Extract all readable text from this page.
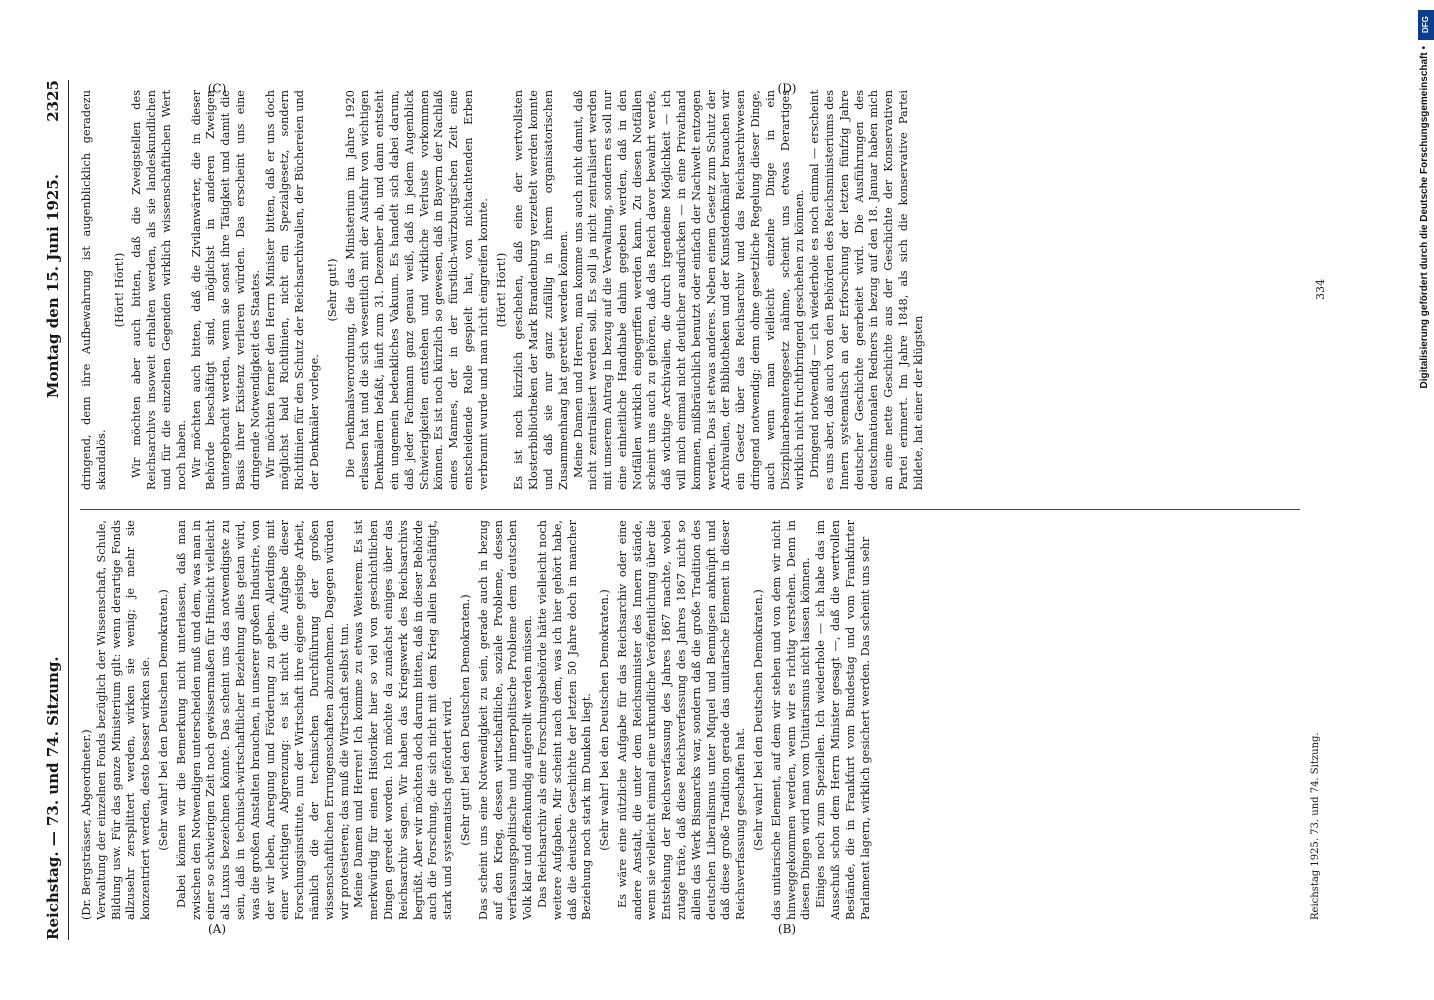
Reichstag. — 73. und 74. Sitzung.
Montag den 15. Juni 1925.          2325

(Dr. Bergsträsser, Abgeordneter.) Verwaltung der einzelnen Fonds bezüglich der Wissenschaft, Schule, Bildung usw. Für das ganze Ministerium gilt: wenn derartige Fonds allzusehr zersplittert werden, wirken sie wenig; je mehr sie konzentriert werden, desto besser wirken sie. (Sehr wahr! bei den Deutschen Demokraten.) Dabei können wir die Bemerkung nicht unterlassen, daß man zwischen den Notwendigen unterscheiden muß und dem, was man in einer so schwierigen Zeit noch gewissermaßen für Hinsicht vielleicht als Luxus bezeichnen könnte. Das scheint uns das notwendigste zu sein, daß in technisch-wirtschaftlicher Beziehung alles getan wird, was die großen Anstalten brauchen, in unserer großen Industrie, von der wir leben, Anregung und Förderung zu geben. Allerdings mit einer wichtigen Abgrenzung: es ist nicht die Aufgabe dieser Forschungsinstitute, nun der Wirtschaft ihre eigene geistige Arbeit, nämlich die der technischen Durchführung der großen wissenschaftlichen Errungenschaften abzunehmen. Dagegen würden wir protestieren; das muß die Wirtschaft selbst tun. Meine Damen und Herren! Ich komme zu etwas Weiterem. Es ist merkwürdig für einen Historiker hier so viel von geschichtlichen Dingen geredet worden. Ich möchte da zunächst einiges über das Reichsarchiv sagen. Wir haben das Kriegswerk des Reichsarchivs begrüßt. Aber wir möchten doch darum bitten, daß in dieser Behörde auch die Forschung, die sich nicht mit dem Krieg allein beschäftigt, stark und systematisch gefördert wird. (Sehr gut! bei den Deutschen Demokraten.) Das scheint uns eine Notwendigkeit zu sein, gerade auch in bezug auf den Krieg, dessen wirtschaftliche, soziale Probleme, dessen verfassungspolitische und innerpolitische Probleme dem deutschen Volk klar und offenkundig aufgerollt werden müssen. Das Reichsarchiv als eine Forschungsbehörde hätte vielleicht noch weitere Aufgaben. Mir scheint nach dem, was ich hier gehört habe, daß die deutsche Geschichte der letzten 50 Jahre doch in mancher Beziehung noch stark im Dunkeln liegt. (Sehr wahr! bei den Deutschen Demokraten.) Es wäre eine nützliche Aufgabe für das Reichsarchiv oder eine andere Anstalt, die unter dem Reichsminister des Innern stände, wenn sie vielleicht einmal eine urkundliche Veröffentlichung über die Entstehung der Reichsverfassung des Jahres 1867 machte, wobei zutage träte, daß diese Reichsverfassung des Jahres 1867 nicht so allein das Werk Bismarcks war, sondern daß die große Tradition des deutschen Liberalismus unter Miquel und Bennigsen anknüpft und daß diese große Tradition gerade das unitarische Element in dieser Reichsverfassung geschaffen hat. (Sehr wahr! bei den Deutschen Demokraten.) das unitarische Element, auf dem wir stehen und von dem wir nicht hinweggekommen werden, wenn wir es richtig verstehen. Denn in diesen Dingen wird man vom Unitarismus nicht lassen können. Einiges noch zum Speziellen. Ich wiederhole — ich habe das im Ausschuß schon dem Herrn Minister gesagt —, daß die wertvollen Bestände, die in Frankfurt vom Bundestag und vom Frankfurter Parlament lagern, wirklich gesichert werden. Das scheint uns sehr

dringend, denn ihre Aufbewahrung ist augenblicklich geradezu skandalös.

(Hört! Hört!) Wir möchten aber auch bitten, daß die Zweigstellen des Reichsarchivs insoweit erhalten werden, als sie landeskundlichen und für die einzelnen Gegenden wirklich wissenschaftlichen Wert noch haben. Wir möchten auch bitten, daß die Zivilanwärter, die in dieser Behörde beschäftigt sind, möglichst in anderen Zweigen untergebracht werden, wenn sie sonst ihre Tätigkeit und damit die Basis ihrer Existenz verlieren würden. Das erscheint uns eine dringende Notwendigkeit des Staates. Wir möchten ferner den Herrn Minister bitten, daß er uns doch möglichst bald Richtlinien, nicht ein Spezialgesetz, sondern Richtlinien für den Schutz der Reichsarchivalien, der Büchereien und der Denkmäler vorlege.

(Sehr gut!) Die Denkmalsverordnung, die das Ministerium im Jahre 1920 erlassen hat und die sich wesentlich mit der Ausfuhr von wichtigen Denkmälern befaßt, läuft zum 31. Dezember ab, und dann entsteht ein ungemein bedenkliches Vakuum. Es handelt sich dabei darum, daß jeder Fachmann ganz genau weiß, daß in jedem Augenblick Schwierigkeiten entstehen und wirkliche Verluste vorkommen können. Es ist noch kürzlich so gewesen, daß in Bayern der Nachlaß eines Mannes, der in der fürstlich-würzburgischen Zeit eine entscheidende Rolle gespielt hat, von nichtachtenden Erben verbrannt wurde und man nicht eingreifen konnte. (Hört! Hört!) Es ist noch kürzlich geschehen, daß eine der wertvollsten Klosterbibliotheken der Mark Brandenburg verzettelt werden konnte und daß sie nur ganz zufällig in ihrem organisatorischen Zusammenhang hat gerettet werden können. Meine Damen und Herren, man komme uns auch nicht damit, daß nicht zentralisiert werden soll. Es soll ja nicht zentralisiert werden mit unserem Antrag in bezug auf die Verwaltung, sondern es soll nur eine einheitliche Handhabe dahin gegeben werden, daß in den Notfällen wirklich eingegriffen werden kann. Zu diesen Notfällen scheint uns auch zu gehören, daß das Reich davor bewahrt werde, daß wichtige Archivalien, die durch irgendeine Möglichkeit — ich will mich einmal nicht deutlicher ausdrücken — in eine Privathand kommen, mißbräuchlich benutzt oder einfach der Nachwelt entzogen werden. Das ist etwas anderes. Neben einem Gesetz zum Schutz der Archivalien, der Bibliotheken und der Kunstdenkmäler brauchen wir ein Gesetz über das Reichsarchiv und das Reichsarchivwesen dringend notwendig; denn ohne gesetzliche Regelung dieser Dinge, auch wenn man vielleicht einzelne Dinge in ein Disziplinarbeamtengesetz nähme, scheint uns etwas Derartiges wirklich nicht fruchtbringend geschehen zu können. Dringend notwendig — ich wiederhole es noch einmal — erscheint es uns aber, daß auch von den Behörden des Reichsministeriums des Innern systematisch an der Erforschung der letzten fünfzig Jahre deutscher Geschichte gearbeitet wird. Die Ausführungen des deutschnationalen Redners in bezug auf den 18. Januar haben mich an eine nette Geschichte aus der Geschichte der Konservativen Partei erinnert. Im Jahre 1848, als sich die konservative Partei bildete, hat einer der klügsten

(A)	(B)
(C)	(D)
Reichstag 1925. 73. und 74. Sitzung.
334
DFG
Digitalisierung gefördert durch die Deutsche Forschungsgemeinschaft •
